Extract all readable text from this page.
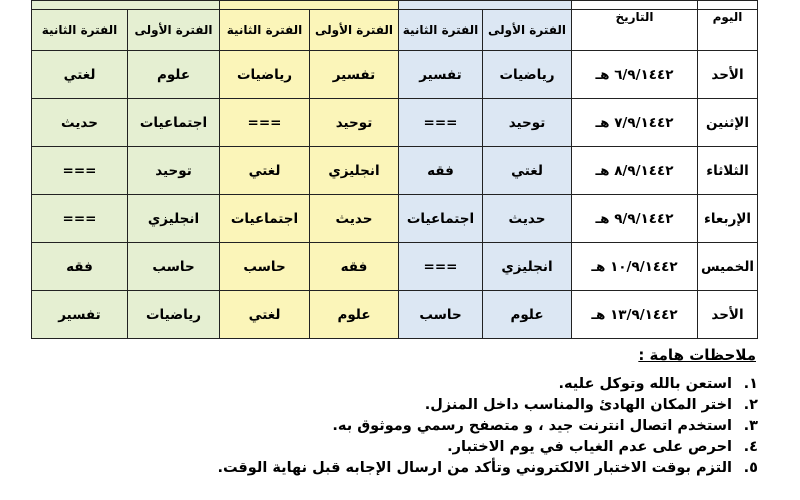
اليوم	التاريخ	الفترة الأولى	الفترة الثانية	الفترة الأولى	الفترة الثانية	الفترة الأولى	الفترة الثانية
الأحد	٦/٩/١٤٤٢ هـ	رياضيات	تفسير	تفسير	رياضيات	علوم	لغتي
الإثنين	٧/٩/١٤٤٢ هـ	توحيد	===	توحيد	===	اجتماعيات	حديث
الثلاثاء	٨/٩/١٤٤٢ هـ	لغتي	فقه	انجليزي	لغتي	توحيد	===
الإربعاء	٩/٩/١٤٤٢ هـ	حديث	اجتماعيات	حديث	اجتماعيات	انجليزي	===
الخميس	١٠/٩/١٤٤٢ هـ	انجليزي	===	فقه	حاسب	حاسب	فقه
الأحد	١٣/٩/١٤٤٢ هـ	علوم	حاسب	علوم	لغتي	رياضيات	تفسير
ملاحظات هامة :
١.استعن بالله وتوكل عليه.
٢.اختر المكان الهادئ والمناسب داخل المنزل.
٣.استخدم اتصال انترنت جيد ، و متصفح رسمي وموثوق به.
٤.احرص على عدم الغياب في يوم الاختبار.
٥.التزم بوقت الاختبار الالكتروني وتأكد من ارسال الإجابه قبل نهاية الوقت.
